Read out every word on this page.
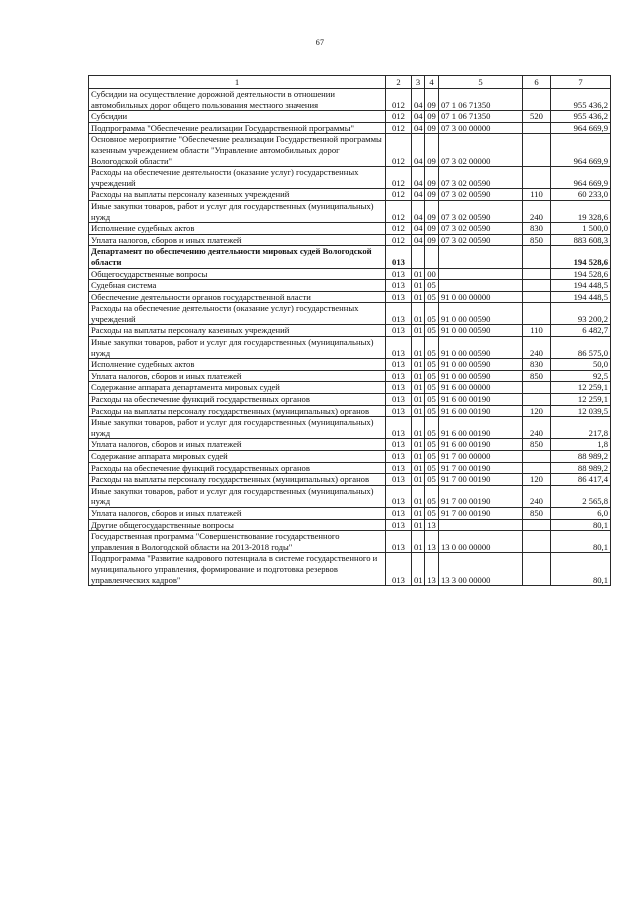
67
1	2	3	4	5	6	7
Субсидии на осуществление дорожной деятельности в отношении автомобильных дорог общего пользования местного значения	012	04	09	07 1 06 71350		955 436,2
Субсидии	012	04	09	07 1 06 71350	520	955 436,2
Подпрограмма "Обеспечение реализации Государственной программы"	012	04	09	07 3 00 00000		964 669,9
Основное мероприятие "Обеспечение реализации Государственной программы казенным учреждением области "Управление автомобильных дорог Вологодской области"	012	04	09	07 3 02 00000		964 669,9
Расходы на обеспечение деятельности (оказание услуг) государственных учреждений	012	04	09	07 3 02 00590		964 669,9
Расходы на выплаты персоналу казенных учреждений	012	04	09	07 3 02 00590	110	60 233,0
Иные закупки товаров, работ и услуг для государственных (муниципальных) нужд	012	04	09	07 3 02 00590	240	19 328,6
Исполнение судебных актов	012	04	09	07 3 02 00590	830	1 500,0
Уплата налогов, сборов и иных платежей	012	04	09	07 3 02 00590	850	883 608,3
Департамент по обеспечению деятельности мировых судей Вологодской области	013					194 528,6
Общегосударственные вопросы	013	01	00			194 528,6
Судебная система	013	01	05			194 448,5
Обеспечение деятельности органов государственной власти	013	01	05	91 0 00 00000		194 448,5
Расходы на обеспечение деятельности (оказание услуг) государственных учреждений	013	01	05	91 0 00 00590		93 200,2
Расходы на выплаты персоналу казенных учреждений	013	01	05	91 0 00 00590	110	6 482,7
Иные закупки товаров, работ и услуг для государственных (муниципальных) нужд	013	01	05	91 0 00 00590	240	86 575,0
Исполнение судебных актов	013	01	05	91 0 00 00590	830	50,0
Уплата налогов, сборов и иных платежей	013	01	05	91 0 00 00590	850	92,5
Содержание аппарата департамента мировых судей	013	01	05	91 6 00 00000		12 259,1
Расходы на обеспечение функций государственных органов	013	01	05	91 6 00 00190		12 259,1
Расходы на выплаты персоналу государственных (муниципальных) органов	013	01	05	91 6 00 00190	120	12 039,5
Иные закупки товаров, работ и услуг для государственных (муниципальных) нужд	013	01	05	91 6 00 00190	240	217,8
Уплата налогов, сборов и иных платежей	013	01	05	91 6 00 00190	850	1,8
Содержание аппарата мировых судей	013	01	05	91 7 00 00000		88 989,2
Расходы на обеспечение функций государственных органов	013	01	05	91 7 00 00190		88 989,2
Расходы на выплаты персоналу государственных (муниципальных) органов	013	01	05	91 7 00 00190	120	86 417,4
Иные закупки товаров, работ и услуг для государственных (муниципальных) нужд	013	01	05	91 7 00 00190	240	2 565,8
Уплата налогов, сборов и иных платежей	013	01	05	91 7 00 00190	850	6,0
Другие общегосударственные вопросы	013	01	13			80,1
Государственная программа "Совершенствование государственного управления в Вологодской области на 2013-2018 годы"	013	01	13	13 0 00 00000		80,1
Подпрограмма "Развитие кадрового потенциала в системе государственного и муниципального управления, формирование и подготовка резервов управленческих кадров"	013	01	13	13 3 00 00000		80,1
